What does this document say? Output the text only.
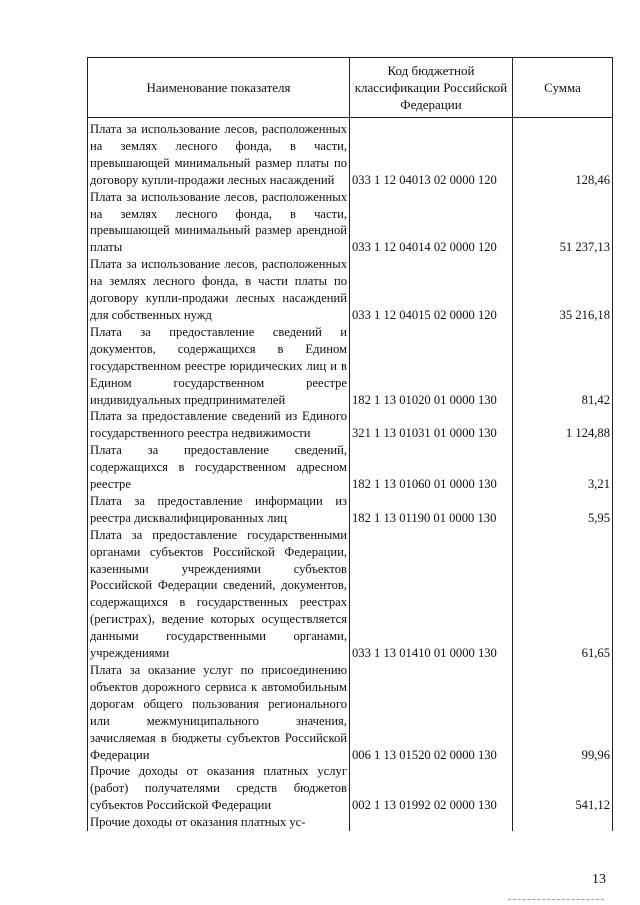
Наименование показателя	Код бюджетной классификации Российской Федерации	Сумма
Плата за использование лесов, расположенных на землях лесного фонда, в части, превышающей минимальный размер платы по договору купли-продажи лесных насаждений	033 1 12 04013 02 0000 120	128,46
Плата за использование лесов, расположенных на землях лесного фонда, в части, превышающей минимальный размер арендной платы	033 1 12 04014 02 0000 120	51 237,13
Плата за использование лесов, расположенных на землях лесного фонда, в части платы по договору купли-продажи лесных насаждений для собственных нужд	033 1 12 04015 02 0000 120	35 216,18
Плата за предоставление сведений и документов, содержащихся в Едином государственном реестре юридических лиц и в Едином государственном реестре индивидуальных предпринимателей	182 1 13 01020 01 0000 130	81,42
Плата за предоставление сведений из Единого государственного реестра недвижимости	321 1 13 01031 01 0000 130	1 124,88
Плата за предоставление сведений, содержащихся в государственном адресном реестре	182 1 13 01060 01 0000 130	3,21
Плата за предоставление информации из реестра дисквалифицированных лиц	182 1 13 01190 01 0000 130	5,95
Плата за предоставление государственными органами субъектов Российской Федерации, казенными учреждениями субъектов Российской Федерации сведений, документов, содержащихся в государственных реестрах (регистрах), ведение которых осуществляется данными государственными органами, учреждениями	033 1 13 01410 01 0000 130	61,65
Плата за оказание услуг по присоединению объектов дорожного сервиса к автомобильным дорогам общего пользования регионального или межмуниципального значения, зачисляемая в бюджеты субъектов Российской Федерации	006 1 13 01520 02 0000 130	99,96
Прочие доходы от оказания платных услуг (работ) получателями средств бюджетов субъектов Российской Федерации	002 1 13 01992 02 0000 130	541,12
Прочие доходы от оказания платных ус-		
13
